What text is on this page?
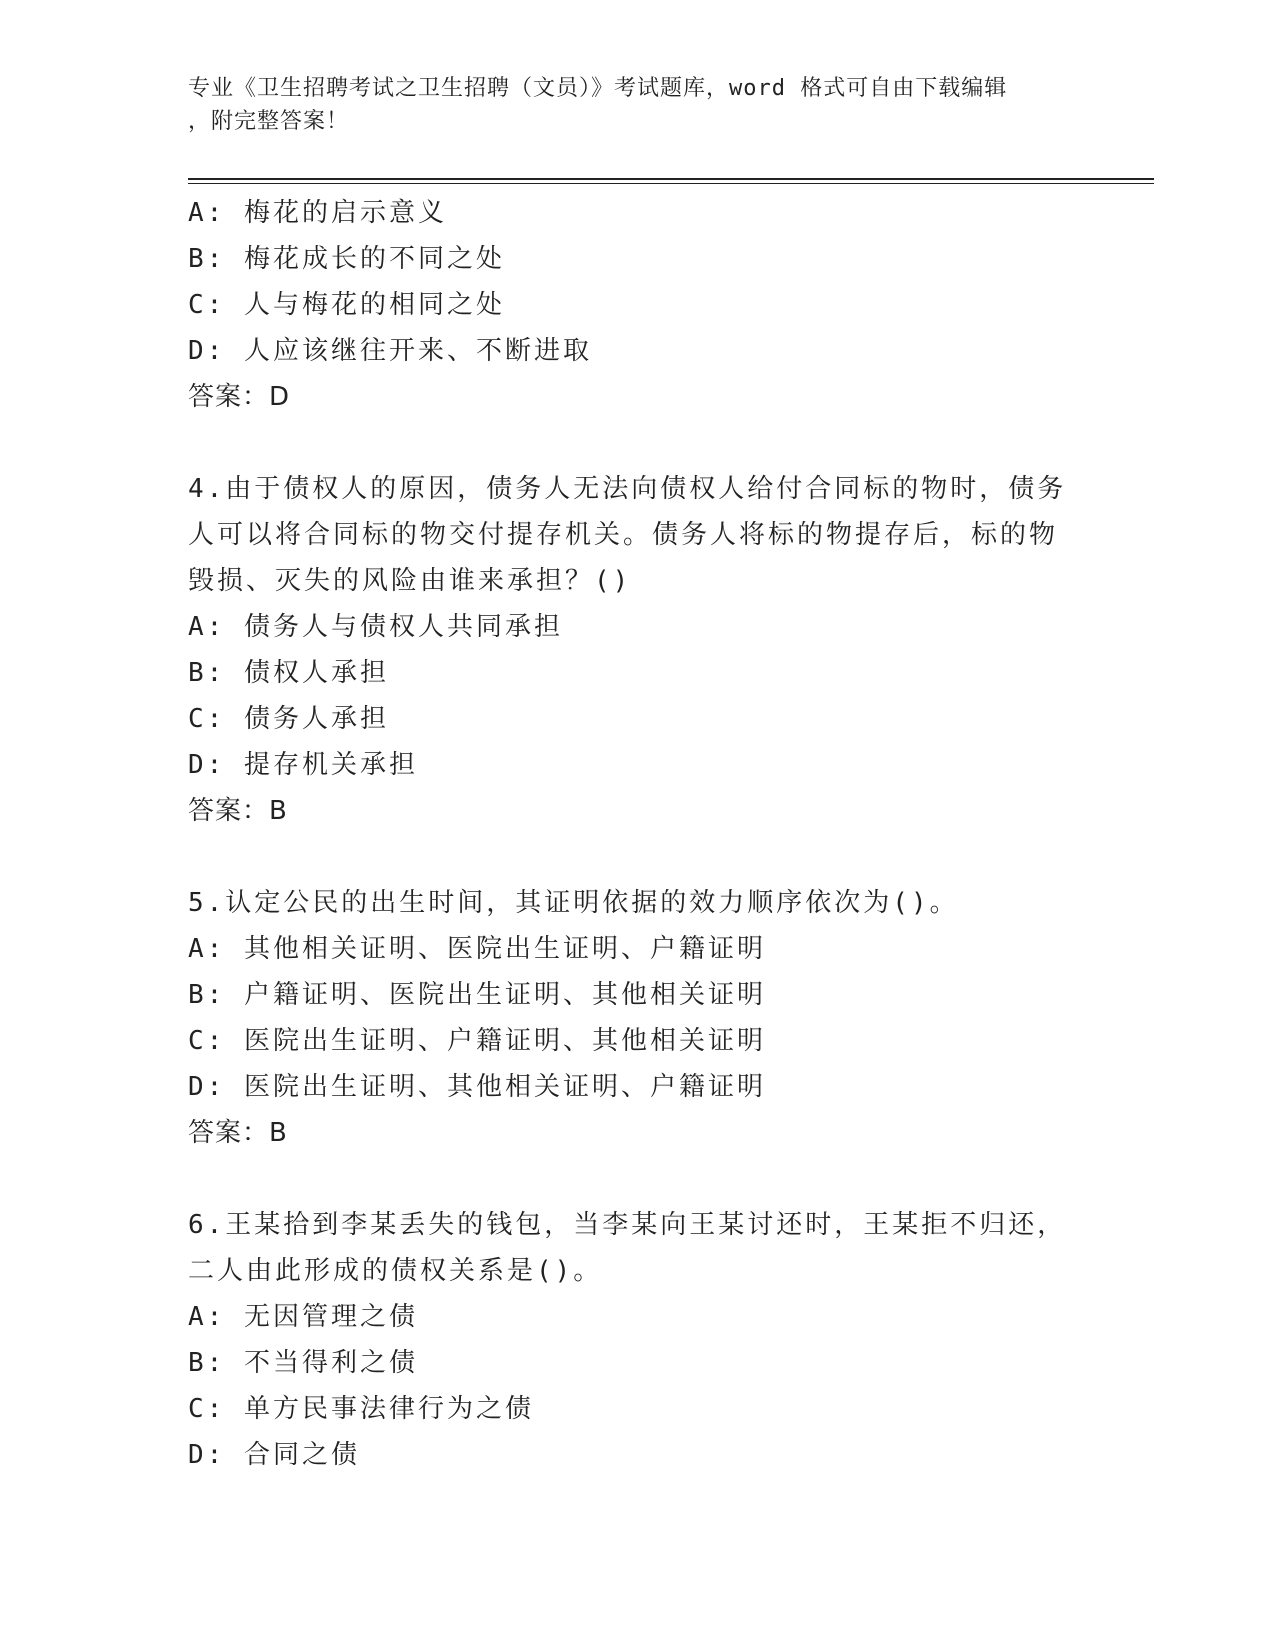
专业《卫生招聘考试之卫生招聘（文员）》考试题库，word 格式可自由下载编辑
，附完整答案！
A: 梅花的启示意义
B: 梅花成长的不同之处
C: 人与梅花的相同之处
D: 人应该继往开来、不断进取
答案：D
4.由于债权人的原因，债务人无法向债权人给付合同标的物时，债务
人可以将合同标的物交付提存机关。债务人将标的物提存后，标的物
毁损、灭失的风险由谁来承担？()
A: 债务人与债权人共同承担
B: 债权人承担
C: 债务人承担
D: 提存机关承担
答案：B
5.认定公民的出生时间，其证明依据的效力顺序依次为()。
A: 其他相关证明、医院出生证明、户籍证明
B: 户籍证明、医院出生证明、其他相关证明
C: 医院出生证明、户籍证明、其他相关证明
D: 医院出生证明、其他相关证明、户籍证明
答案：B
6.王某拾到李某丢失的钱包，当李某向王某讨还时，王某拒不归还，
二人由此形成的债权关系是()。
A: 无因管理之债
B: 不当得利之债
C: 单方民事法律行为之债
D: 合同之债
